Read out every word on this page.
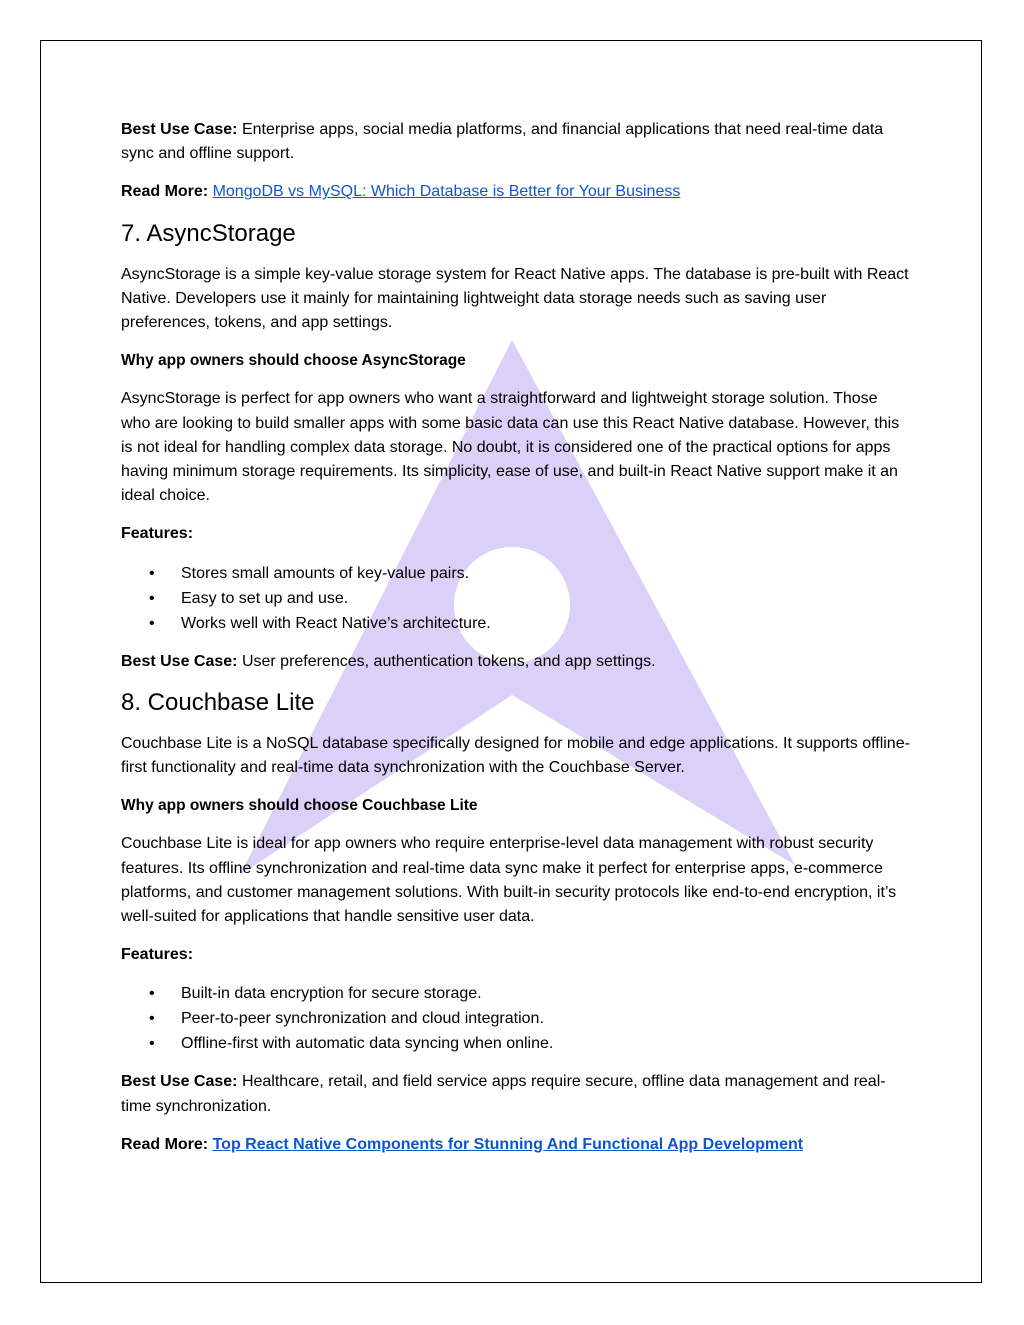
Best Use Case: Enterprise apps, social media platforms, and financial applications that need real-time data sync and offline support.

Read More: MongoDB vs MySQL: Which Database is Better for Your Business

7. AsyncStorage

AsyncStorage is a simple key-value storage system for React Native apps. The database is pre-built with React Native. Developers use it mainly for maintaining lightweight data storage needs such as saving user preferences, tokens, and app settings.

Why app owners should choose AsyncStorage

AsyncStorage is perfect for app owners who want a straightforward and lightweight storage solution. Those who are looking to build smaller apps with some basic data can use this React Native database. However, this is not ideal for handling complex data storage. No doubt, it is considered one of the practical options for apps having minimum storage requirements. Its simplicity, ease of use, and built-in React Native support make it an ideal choice.

Features:

• Stores small amounts of key-value pairs.
• Easy to set up and use.
• Works well with React Native’s architecture.

Best Use Case: User preferences, authentication tokens, and app settings.

8. Couchbase Lite

Couchbase Lite is a NoSQL database specifically designed for mobile and edge applications. It supports offline-first functionality and real-time data synchronization with the Couchbase Server.

Why app owners should choose Couchbase Lite

Couchbase Lite is ideal for app owners who require enterprise-level data management with robust security features. Its offline synchronization and real-time data sync make it perfect for enterprise apps, e-commerce platforms, and customer management solutions. With built-in security protocols like end-to-end encryption, it’s well-suited for applications that handle sensitive user data.

Features:

• Built-in data encryption for secure storage.
• Peer-to-peer synchronization and cloud integration.
• Offline-first with automatic data syncing when online.

Best Use Case: Healthcare, retail, and field service apps require secure, offline data management and real-time synchronization.

Read More: Top React Native Components for Stunning And Functional App Development
